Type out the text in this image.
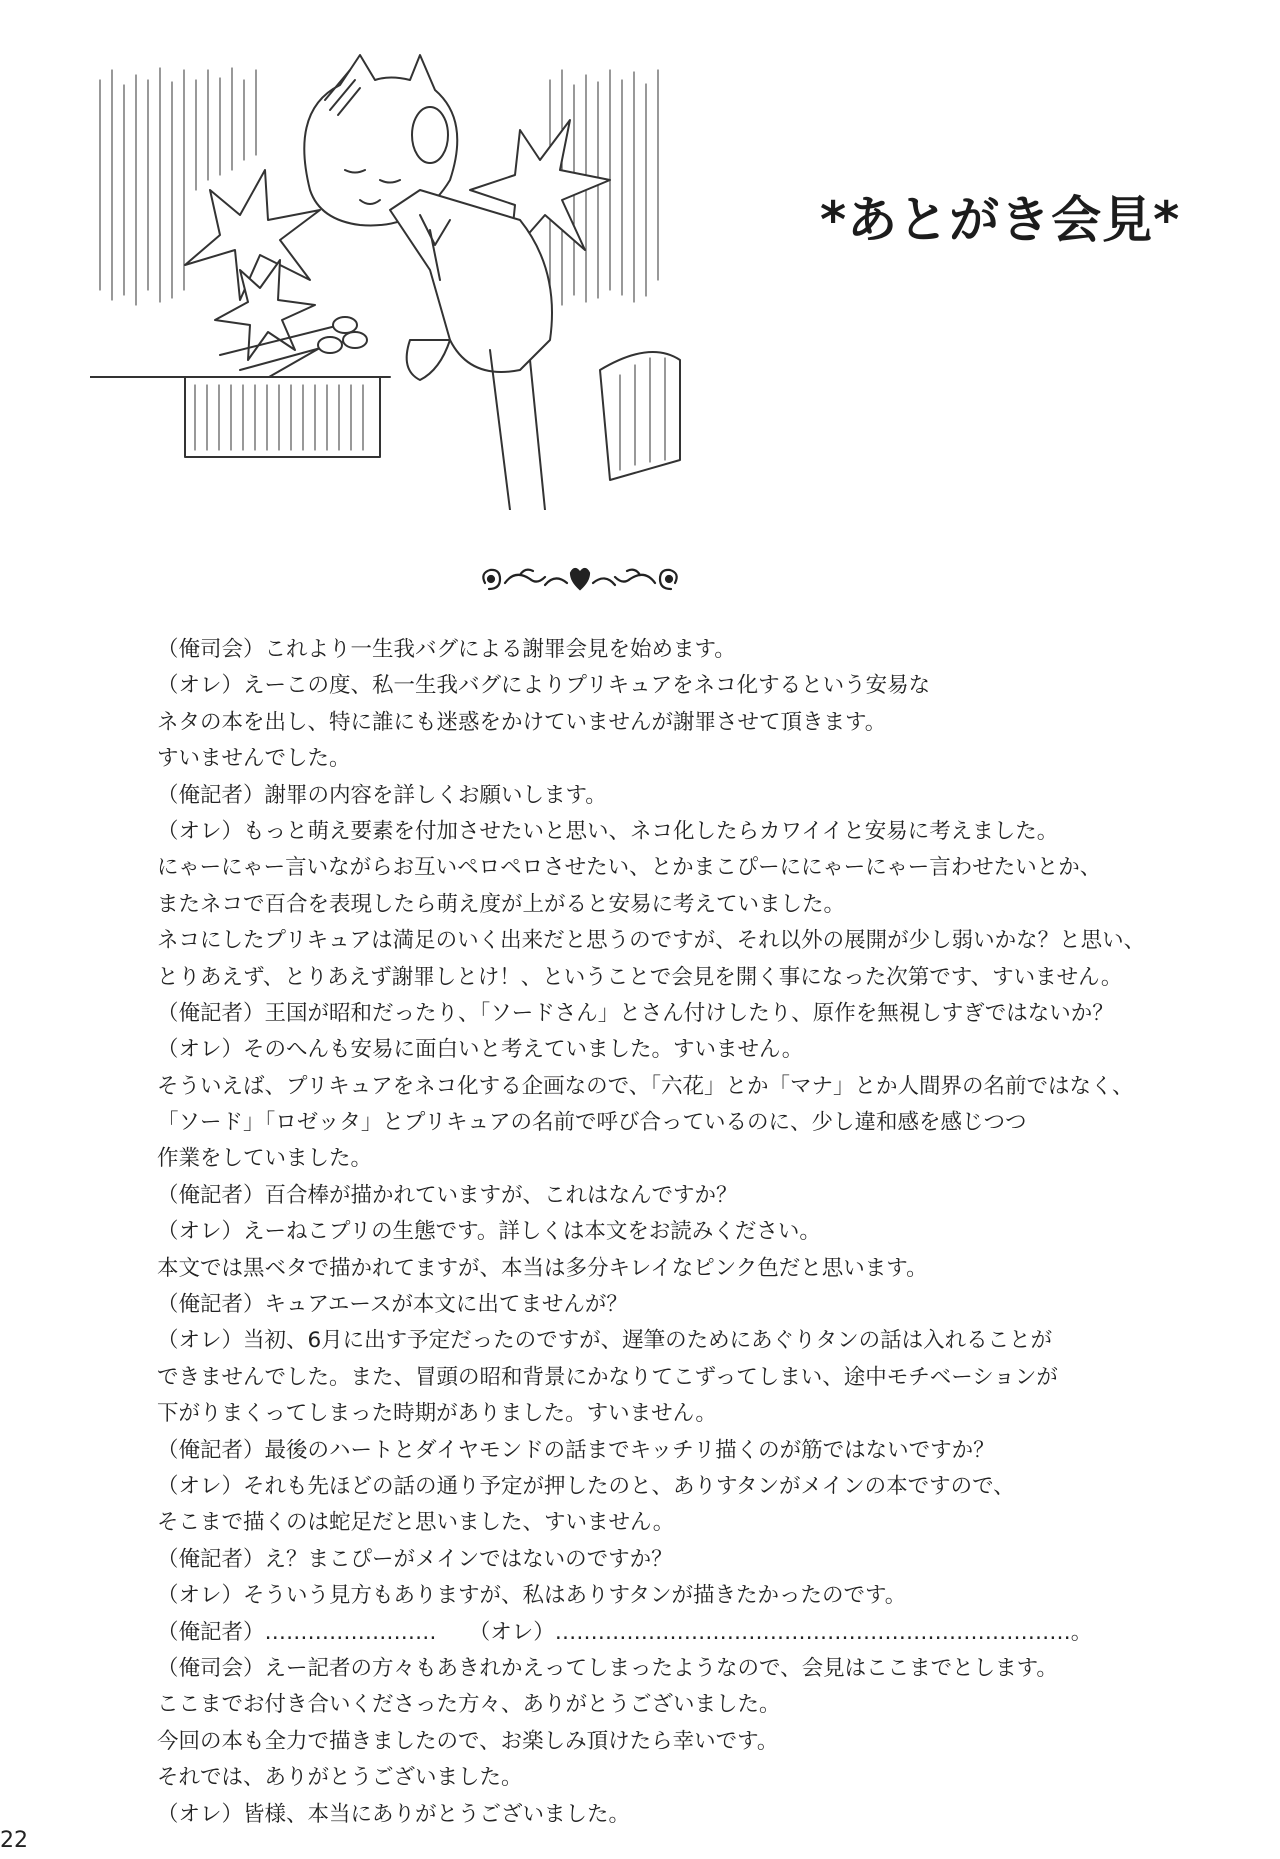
*あとがき会見*
（俺司会）これより一生我バグによる謝罪会見を始めます。
（オレ）えーこの度、私一生我バグによりプリキュアをネコ化するという安易な
ネタの本を出し、特に誰にも迷惑をかけていませんが謝罪させて頂きます。
すいませんでした。
（俺記者）謝罪の内容を詳しくお願いします。
（オレ）もっと萌え要素を付加させたいと思い、ネコ化したらカワイイと安易に考えました。
にゃーにゃー言いながらお互いペロペロさせたい、とかまこぴーににゃーにゃー言わせたいとか、
またネコで百合を表現したら萌え度が上がると安易に考えていました。
ネコにしたプリキュアは満足のいく出来だと思うのですが、それ以外の展開が少し弱いかな？と思い、
とりあえず、とりあえず謝罪しとけ！、ということで会見を開く事になった次第です、すいません。
（俺記者）王国が昭和だったり、「ソードさん」とさん付けしたり、原作を無視しすぎではないか？
（オレ）そのへんも安易に面白いと考えていました。すいません。
そういえば、プリキュアをネコ化する企画なので、「六花」とか「マナ」とか人間界の名前ではなく、
「ソード」「ロゼッタ」とプリキュアの名前で呼び合っているのに、少し違和感を感じつつ
作業をしていました。
（俺記者）百合棒が描かれていますが、これはなんですか？
（オレ）えーねこプリの生態です。詳しくは本文をお読みください。
本文では黒ベタで描かれてますが、本当は多分キレイなピンク色だと思います。
（俺記者）キュアエースが本文に出てませんが？
（オレ）当初、6月に出す予定だったのですが、遅筆のためにあぐりタンの話は入れることが
できませんでした。また、冒頭の昭和背景にかなりてこずってしまい、途中モチベーションが
下がりまくってしまった時期がありました。すいません。
（俺記者）最後のハートとダイヤモンドの話までキッチリ描くのが筋ではないですか？
（オレ）それも先ほどの話の通り予定が押したのと、ありすタンがメインの本ですので、
そこまで描くのは蛇足だと思いました、すいません。
（俺記者）え？まこぴーがメインではないのですか？
（オレ）そういう見方もありますが、私はありすタンが描きたかったのです。
（俺記者）……………………　　（オレ）………………………………………………………………。
（俺司会）えー記者の方々もあきれかえってしまったようなので、会見はここまでとします。
ここまでお付き合いくださった方々、ありがとうございました。
今回の本も全力で描きましたので、お楽しみ頂けたら幸いです。
それでは、ありがとうございました。
（オレ）皆様、本当にありがとうございました。
22
